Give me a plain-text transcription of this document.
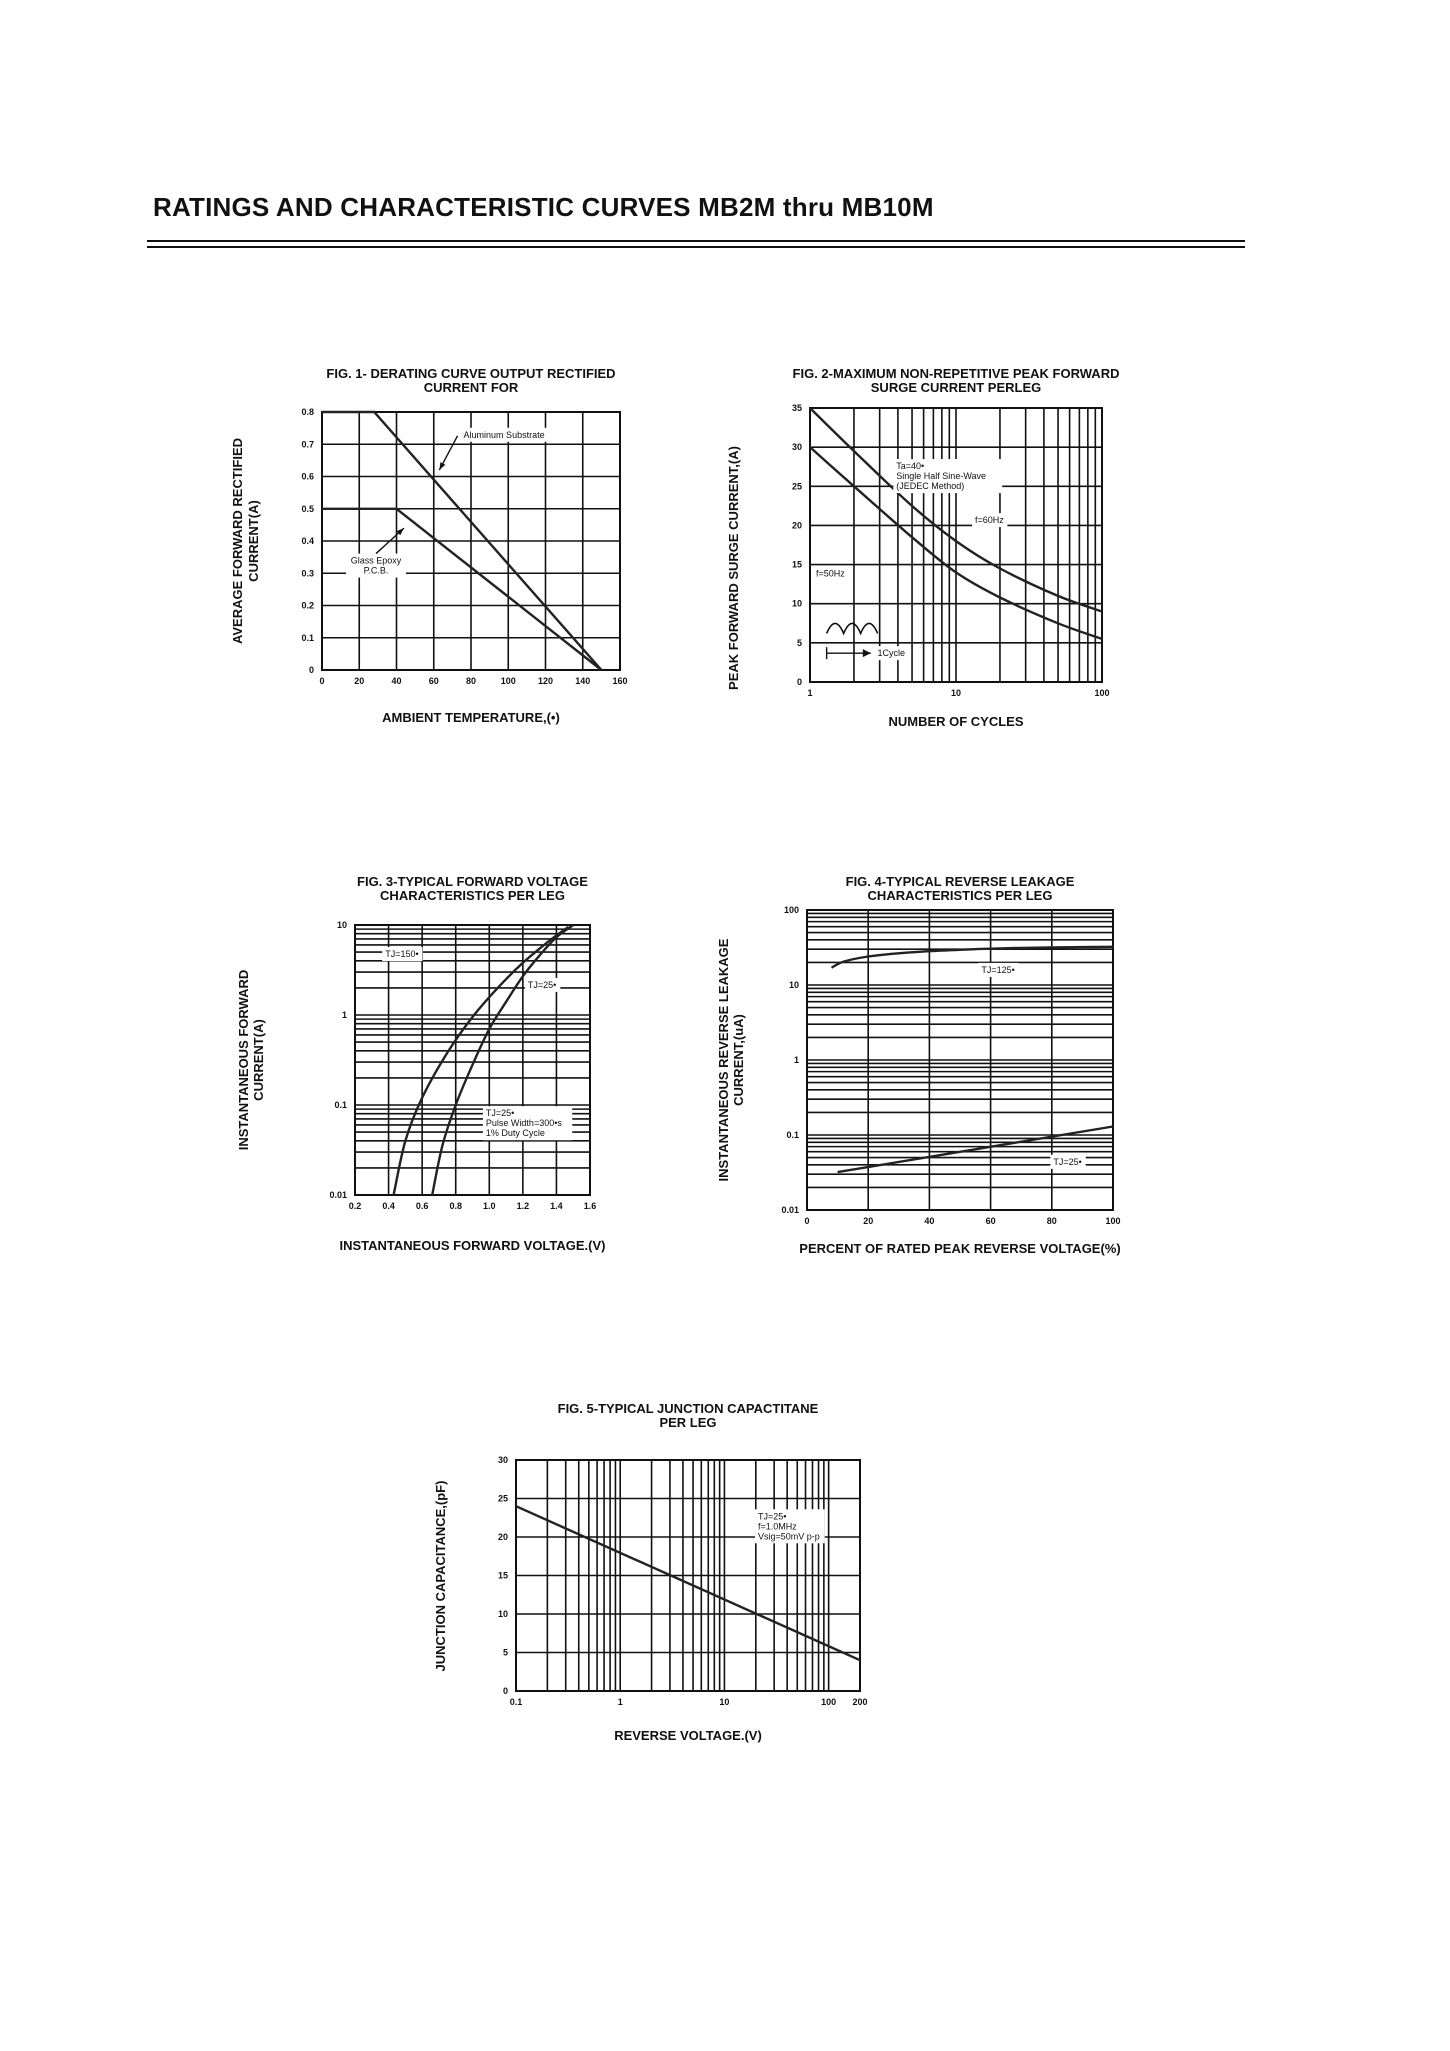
RATINGS AND CHARACTERISTIC CURVES MB2M thru MB10M
FIG. 1- DERATING CURVE OUTPUT RECTIFIED
CURRENT FOR
0	20	40	60	80	100 120 140 160
0
0.1
0.2
0.3
0.4
0.5
0.6
0.7
0.8
AMBIENT TEMPERATURE,(•)
AVERAGE FORWARD RECTIFIED CURRENT(A)
Aluminum Substrate
Glass Epoxy
P.C.B.
FIG. 2-MAXIMUM NON-REPETITIVE PEAK FORWARD
SURGE CURRENT PERLEG
1	10	100
0
5
10
15
20
25
30
35
NUMBER OF CYCLES
PEAK FORWARD SURGE CURRENT,(A)	Ta=40•
Single Half Sine-Wave
(JEDEC Method)
f=60Hz
f=50Hz
1Cycle
FIG. 3-TYPICAL FORWARD VOLTAGE
CHARACTERISTICS PER LEG
0.2 0.4 0.6 0.8 1.0 1.2 1.4 1.6
0.01
0.1
1
10
INSTANTANEOUS FORWARD VOLTAGE.(V)
INSTANTANEOUS FORWARD CURRENT(A)
TJ=150•
TJ=25•
TJ=25•
Pulse Width=300•s
1% Duty Cycle
FIG. 4-TYPICAL REVERSE LEAKAGE
CHARACTERISTICS PER LEG
0	20	40	60	80	100
0.01
0.1
1
10
100
PERCENT OF RATED PEAK REVERSE VOLTAGE(%)
INSTANTANEOUS REVERSE LEAKAGE CURRENT,(uA)
TJ=125•
TJ=25•
FIG. 5-TYPICAL JUNCTION CAPACTITANE
PER LEG
0.1	1	10	100 200
0
5
10
15
20
25
30
REVERSE VOLTAGE.(V)
JUNCTION CAPACITANCE,(pF)	TJ=25•
f=1.0MHz
Vsig=50mV p-p
